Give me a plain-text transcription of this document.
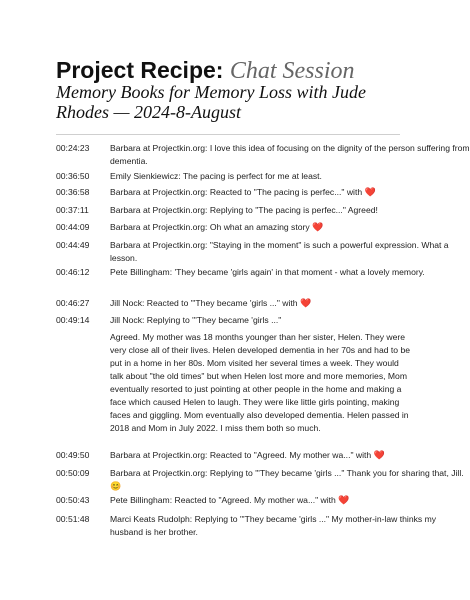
Project Recipe: Chat Session
Memory Books for Memory Loss with Jude Rhodes — 2024-8-August
00:24:23 Barbara at Projectkin.org: I love this idea of focusing on the dignity of the person suffering from dementia.
00:36:50 Emily Sienkiewicz: The pacing is perfect for me at least.
00:36:58 Barbara at Projectkin.org: Reacted to "The pacing is perfec..." with ❤️
00:37:11 Barbara at Projectkin.org: Replying to "The pacing is perfec..." Agreed!
00:44:09 Barbara at Projectkin.org: Oh what an amazing story ❤️
00:44:49 Barbara at Projectkin.org: "Staying in the moment" is such a powerful expression. What a lesson.
00:46:12 Pete Billingham: 'They became 'girls again' in that moment - what a lovely memory.
00:46:27 Jill Nock: Reacted to "'They became 'girls ..." with ❤️
00:49:14 Jill Nock: Replying to "'They became 'girls ..."
00:49:50 Barbara at Projectkin.org: Reacted to "Agreed. My mother wa..." with ❤️
00:50:09 Barbara at Projectkin.org: Replying to "'They became 'girls ..." Thank you for sharing that, Jill. 😊
00:50:43 Pete Billingham: Reacted to "Agreed. My mother wa..." with ❤️
00:51:48 Marci Keats Rudolph: Replying to "'They became 'girls ..." My mother-in-law thinks my husband is her brother.
Agreed. My mother was 18 months younger than her sister, Helen. They were very close all of their lives. Helen developed dementia in her 70s and had to be put in a home in her 80s. Mom visited her several times a week. They would talk about "the old times" but when Helen lost more and more memories, Mom eventually resorted to just pointing at other people in the home and making a face which caused Helen to laugh. They were like little girls pointing, making faces and giggling. Mom eventually also developed dementia. Helen passed in 2018 and Mom in July 2022. I miss them both so much.
